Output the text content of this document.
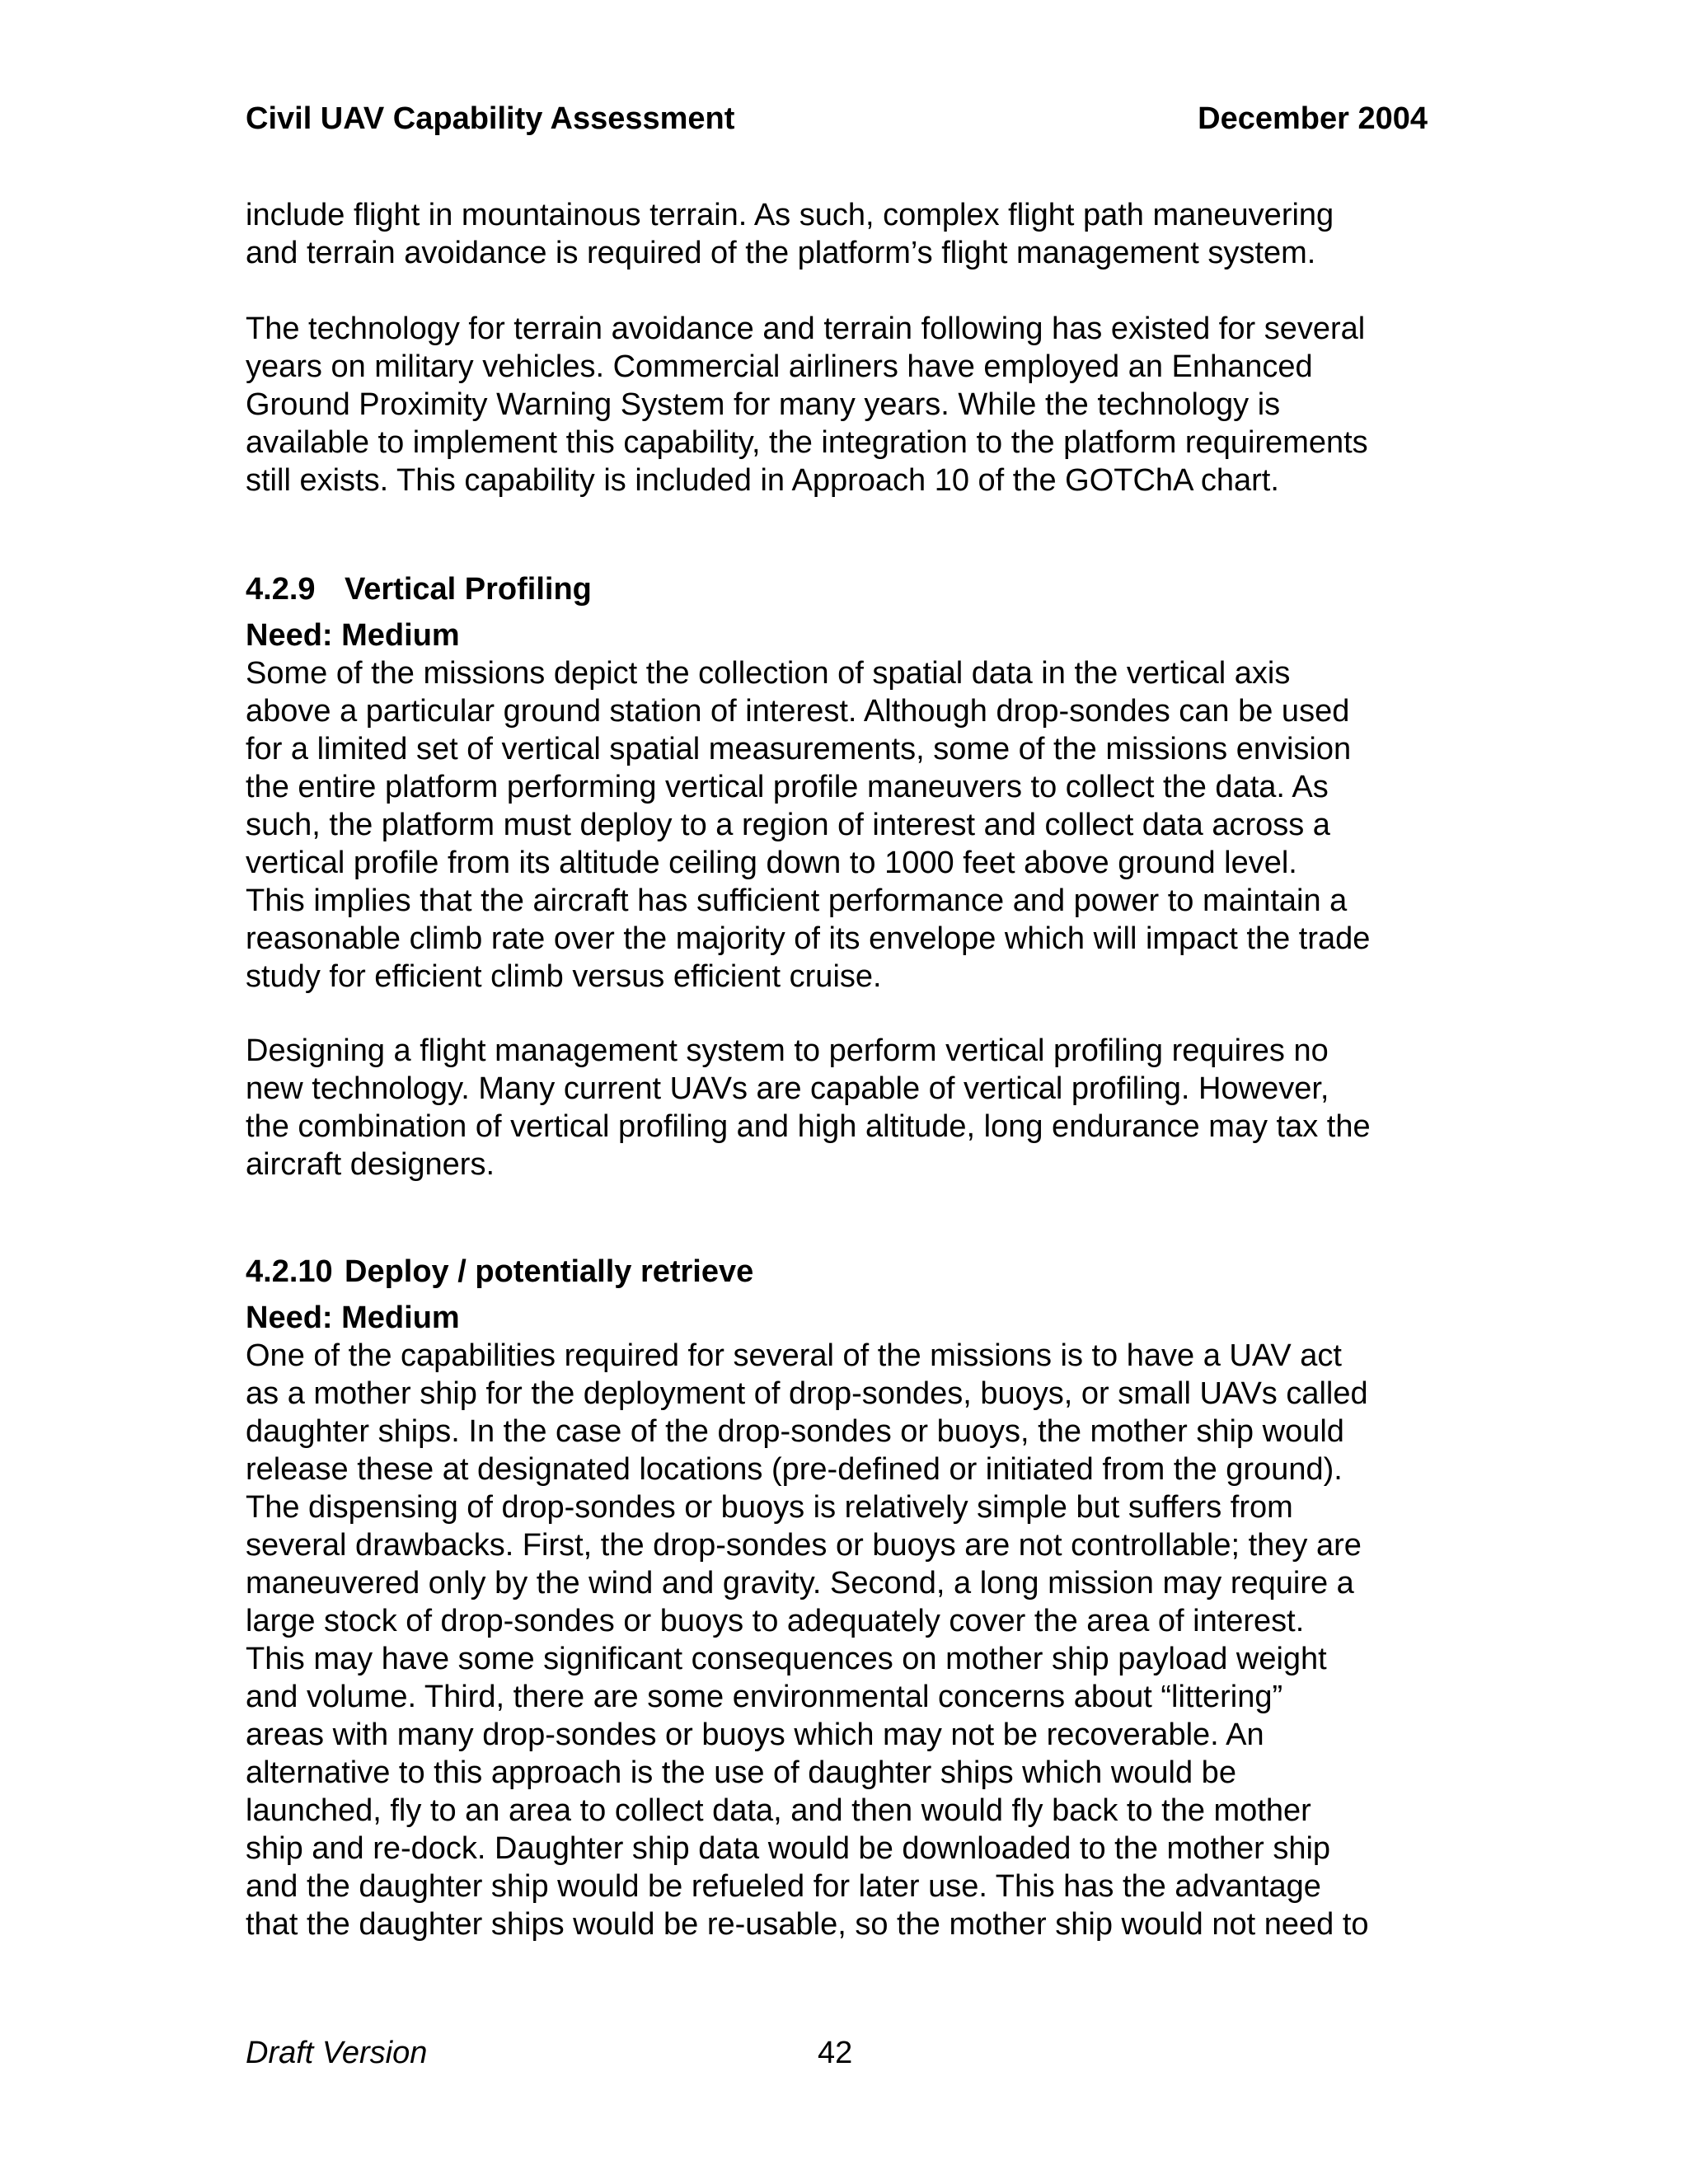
Civil UAV Capability Assessment	December 2004
include flight in mountainous terrain. As such, complex flight path maneuvering
and terrain avoidance is required of the platform’s flight management system.
The technology for terrain avoidance and terrain following has existed for several
years on military vehicles. Commercial airliners have employed an Enhanced
Ground Proximity Warning System for many years. While the technology is
available to implement this capability, the integration to the platform requirements
still exists. This capability is included in Approach 10 of the GOTChA chart.
4.2.9 Vertical Profiling
Need: Medium
Some of the missions depict the collection of spatial data in the vertical axis
above a particular ground station of interest. Although drop-sondes can be used
for a limited set of vertical spatial measurements, some of the missions envision
the entire platform performing vertical profile maneuvers to collect the data. As
such, the platform must deploy to a region of interest and collect data across a
vertical profile from its altitude ceiling down to 1000 feet above ground level.
This implies that the aircraft has sufficient performance and power to maintain a
reasonable climb rate over the majority of its envelope which will impact the trade
study for efficient climb versus efficient cruise.
Designing a flight management system to perform vertical profiling requires no
new technology. Many current UAVs are capable of vertical profiling. However,
the combination of vertical profiling and high altitude, long endurance may tax the
aircraft designers.
4.2.10 Deploy / potentially retrieve
Need: Medium
One of the capabilities required for several of the missions is to have a UAV act
as a mother ship for the deployment of drop-sondes, buoys, or small UAVs called
daughter ships. In the case of the drop-sondes or buoys, the mother ship would
release these at designated locations (pre-defined or initiated from the ground).
The dispensing of drop-sondes or buoys is relatively simple but suffers from
several drawbacks. First, the drop-sondes or buoys are not controllable; they are
maneuvered only by the wind and gravity. Second, a long mission may require a
large stock of drop-sondes or buoys to adequately cover the area of interest.
This may have some significant consequences on mother ship payload weight
and volume. Third, there are some environmental concerns about “littering”
areas with many drop-sondes or buoys which may not be recoverable. An
alternative to this approach is the use of daughter ships which would be
launched, fly to an area to collect data, and then would fly back to the mother
ship and re-dock. Daughter ship data would be downloaded to the mother ship
and the daughter ship would be refueled for later use. This has the advantage
that the daughter ships would be re-usable, so the mother ship would not need to
Draft Version	42
